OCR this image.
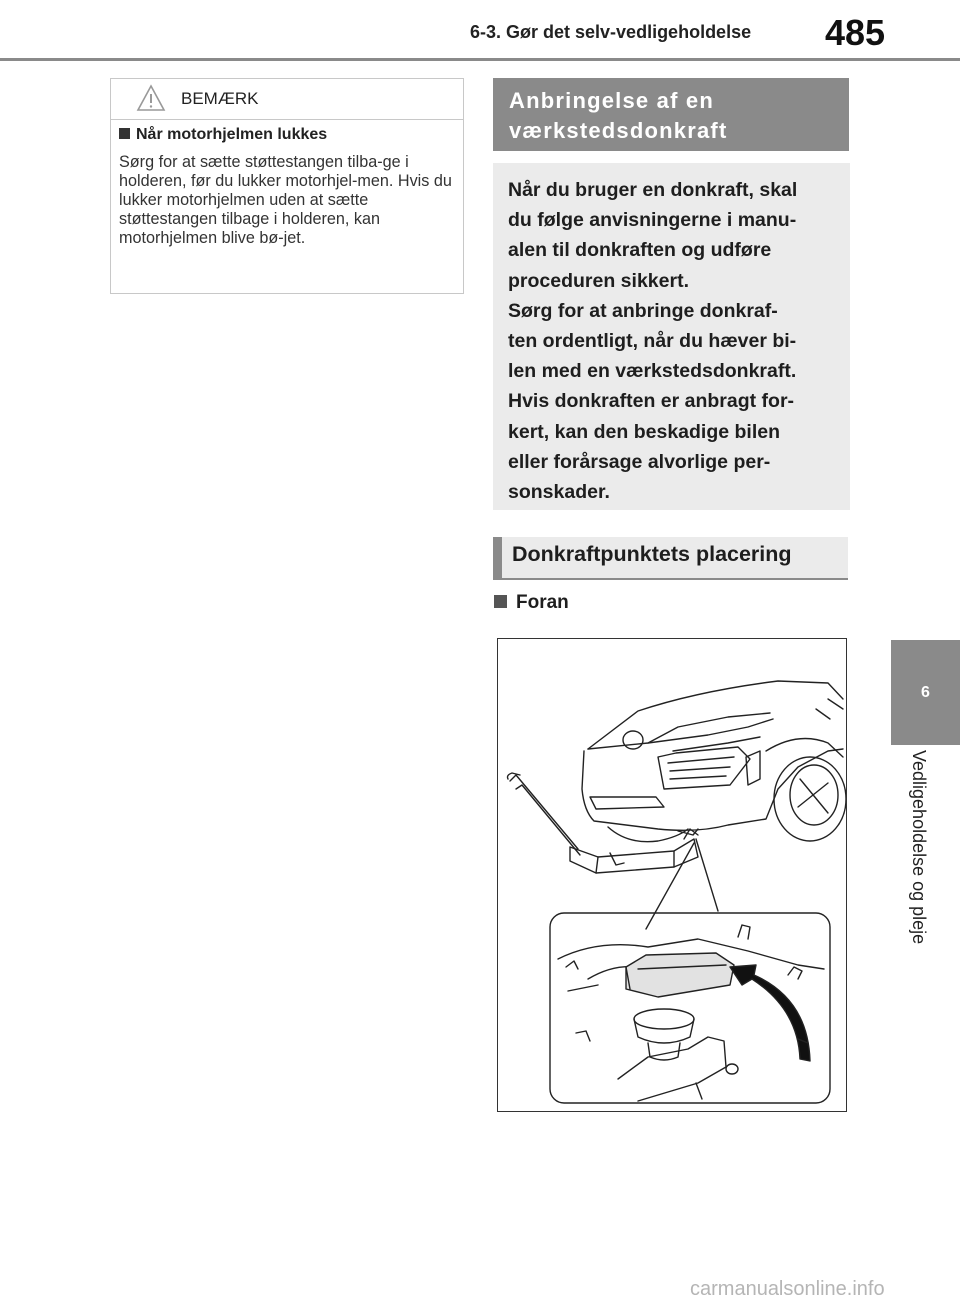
6-3. Gør det selv-vedligeholdelse 485
6
Vedligeholdelse og pleje
BEMÆRK

Når motorhjelmen lukkes

Sørg for at sætte støttestangen tilba-ge i holderen, før du lukker motorhjel-men. Hvis du lukker motorhjelmen uden at sætte støttestangen tilbage i holderen, kan motorhjelmen blive bø-jet.

Anbringelse af en
værkstedsdonkraft

Når du bruger en donkraft, skal

du følge anvisningerne i manu-

alen til donkraften og udføre

proceduren sikkert.

Sørg for at anbringe donkraf-

ten ordentligt, når du hæver bi-

len med en værkstedsdonkraft.

Hvis donkraften er anbragt for-

kert, kan den beskadige bilen

eller forårsage alvorlige per-

sonskader.

Donkraftpunktets placering
Foran
carmanualsonline.info
